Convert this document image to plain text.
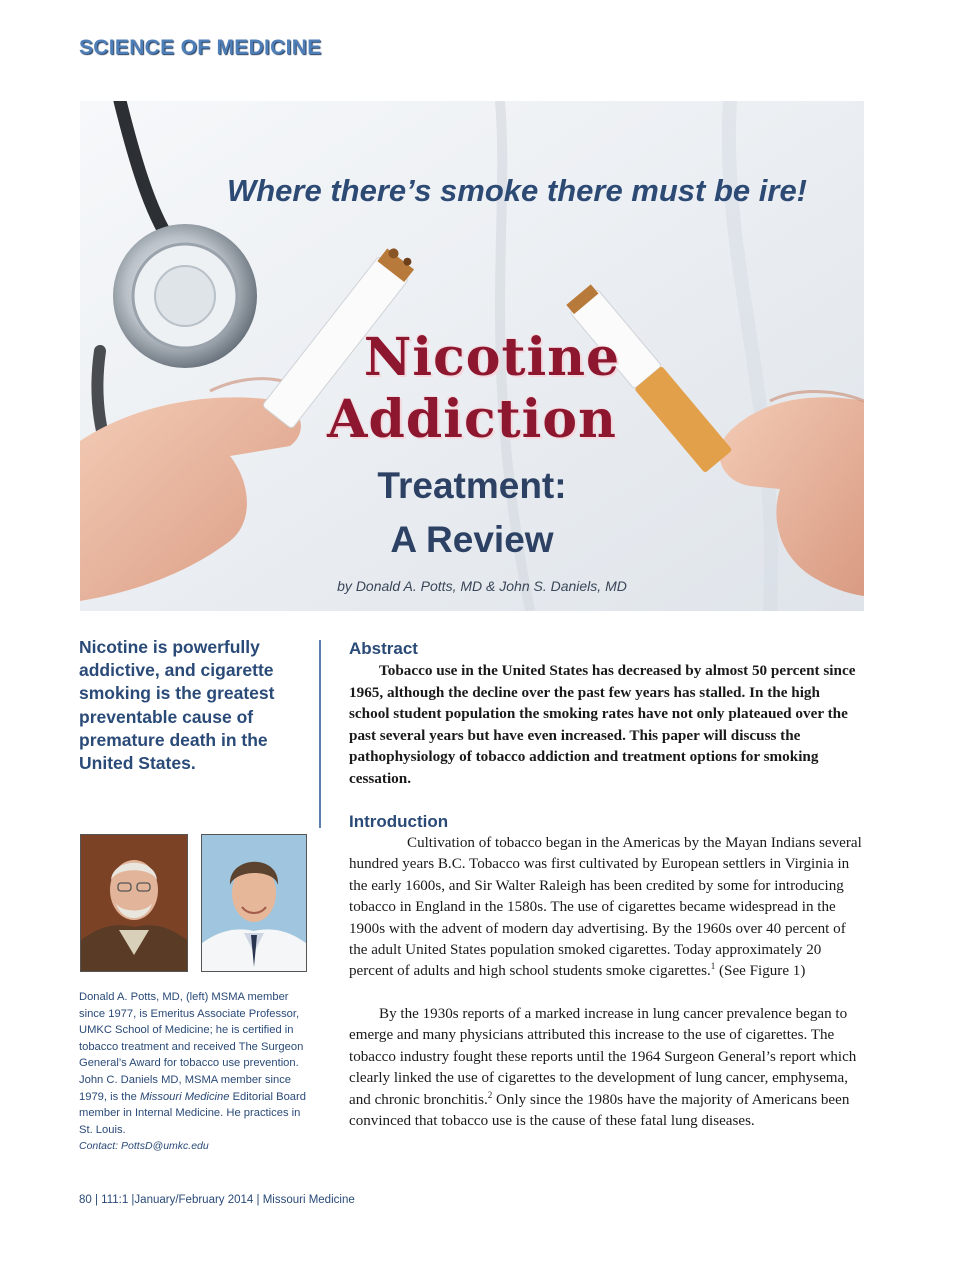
SCIENCE OF MEDICINE
Where there’s smoke there must be ire!
Nicotine
Addiction
Treatment:
A Review
by Donald A. Potts, MD & John S. Daniels, MD
Nicotine is powerfully addictive, and cigarette smoking is the greatest preventable cause of premature death in the United States.
Donald A. Potts, MD, (left) MSMA member since 1977, is Emeritus Associate Professor, UMKC School of Medicine; he is certified in tobacco treatment and received The Surgeon General’s Award for tobacco use prevention. John C. Daniels MD, MSMA member since 1979, is the Missouri Medicine Editorial Board member in Internal Medicine. He practices in St. Louis.
Contact: PottsD@umkc.edu
Abstract
Tobacco use in the United States has decreased by almost 50 percent since 1965, although the decline over the past few years has stalled. In the high school student population the smoking rates have not only plateaued over the past several years but have even increased. This paper will discuss the pathophysiology of tobacco addiction and treatment options for smoking cessation.
Introduction
Cultivation of tobacco began in the Americas by the Mayan Indians several hundred years B.C. Tobacco was first cultivated by European settlers in Virginia in the early 1600s, and Sir Walter Raleigh has been credited by some for introducing tobacco in England in the 1580s. The use of cigarettes became widespread in the 1900s with the advent of modern day advertising. By the 1960s over 40 percent of the adult United States population smoked cigarettes. Today approximately 20 percent of adults and high school students smoke cigarettes.$^1$ (See Figure 1)
By the 1930s reports of a marked increase in lung cancer prevalence began to emerge and many physicians attributed this increase to the use of cigarettes. The tobacco industry fought these reports until the 1964 Surgeon General’s report which clearly linked the use of cigarettes to the development of lung cancer, emphysema, and chronic bronchitis.$^2$ Only since the 1980s have the majority of Americans been convinced that tobacco use is the cause of these fatal lung diseases.
80 | 111:1 |January/February 2014 | Missouri Medicine
